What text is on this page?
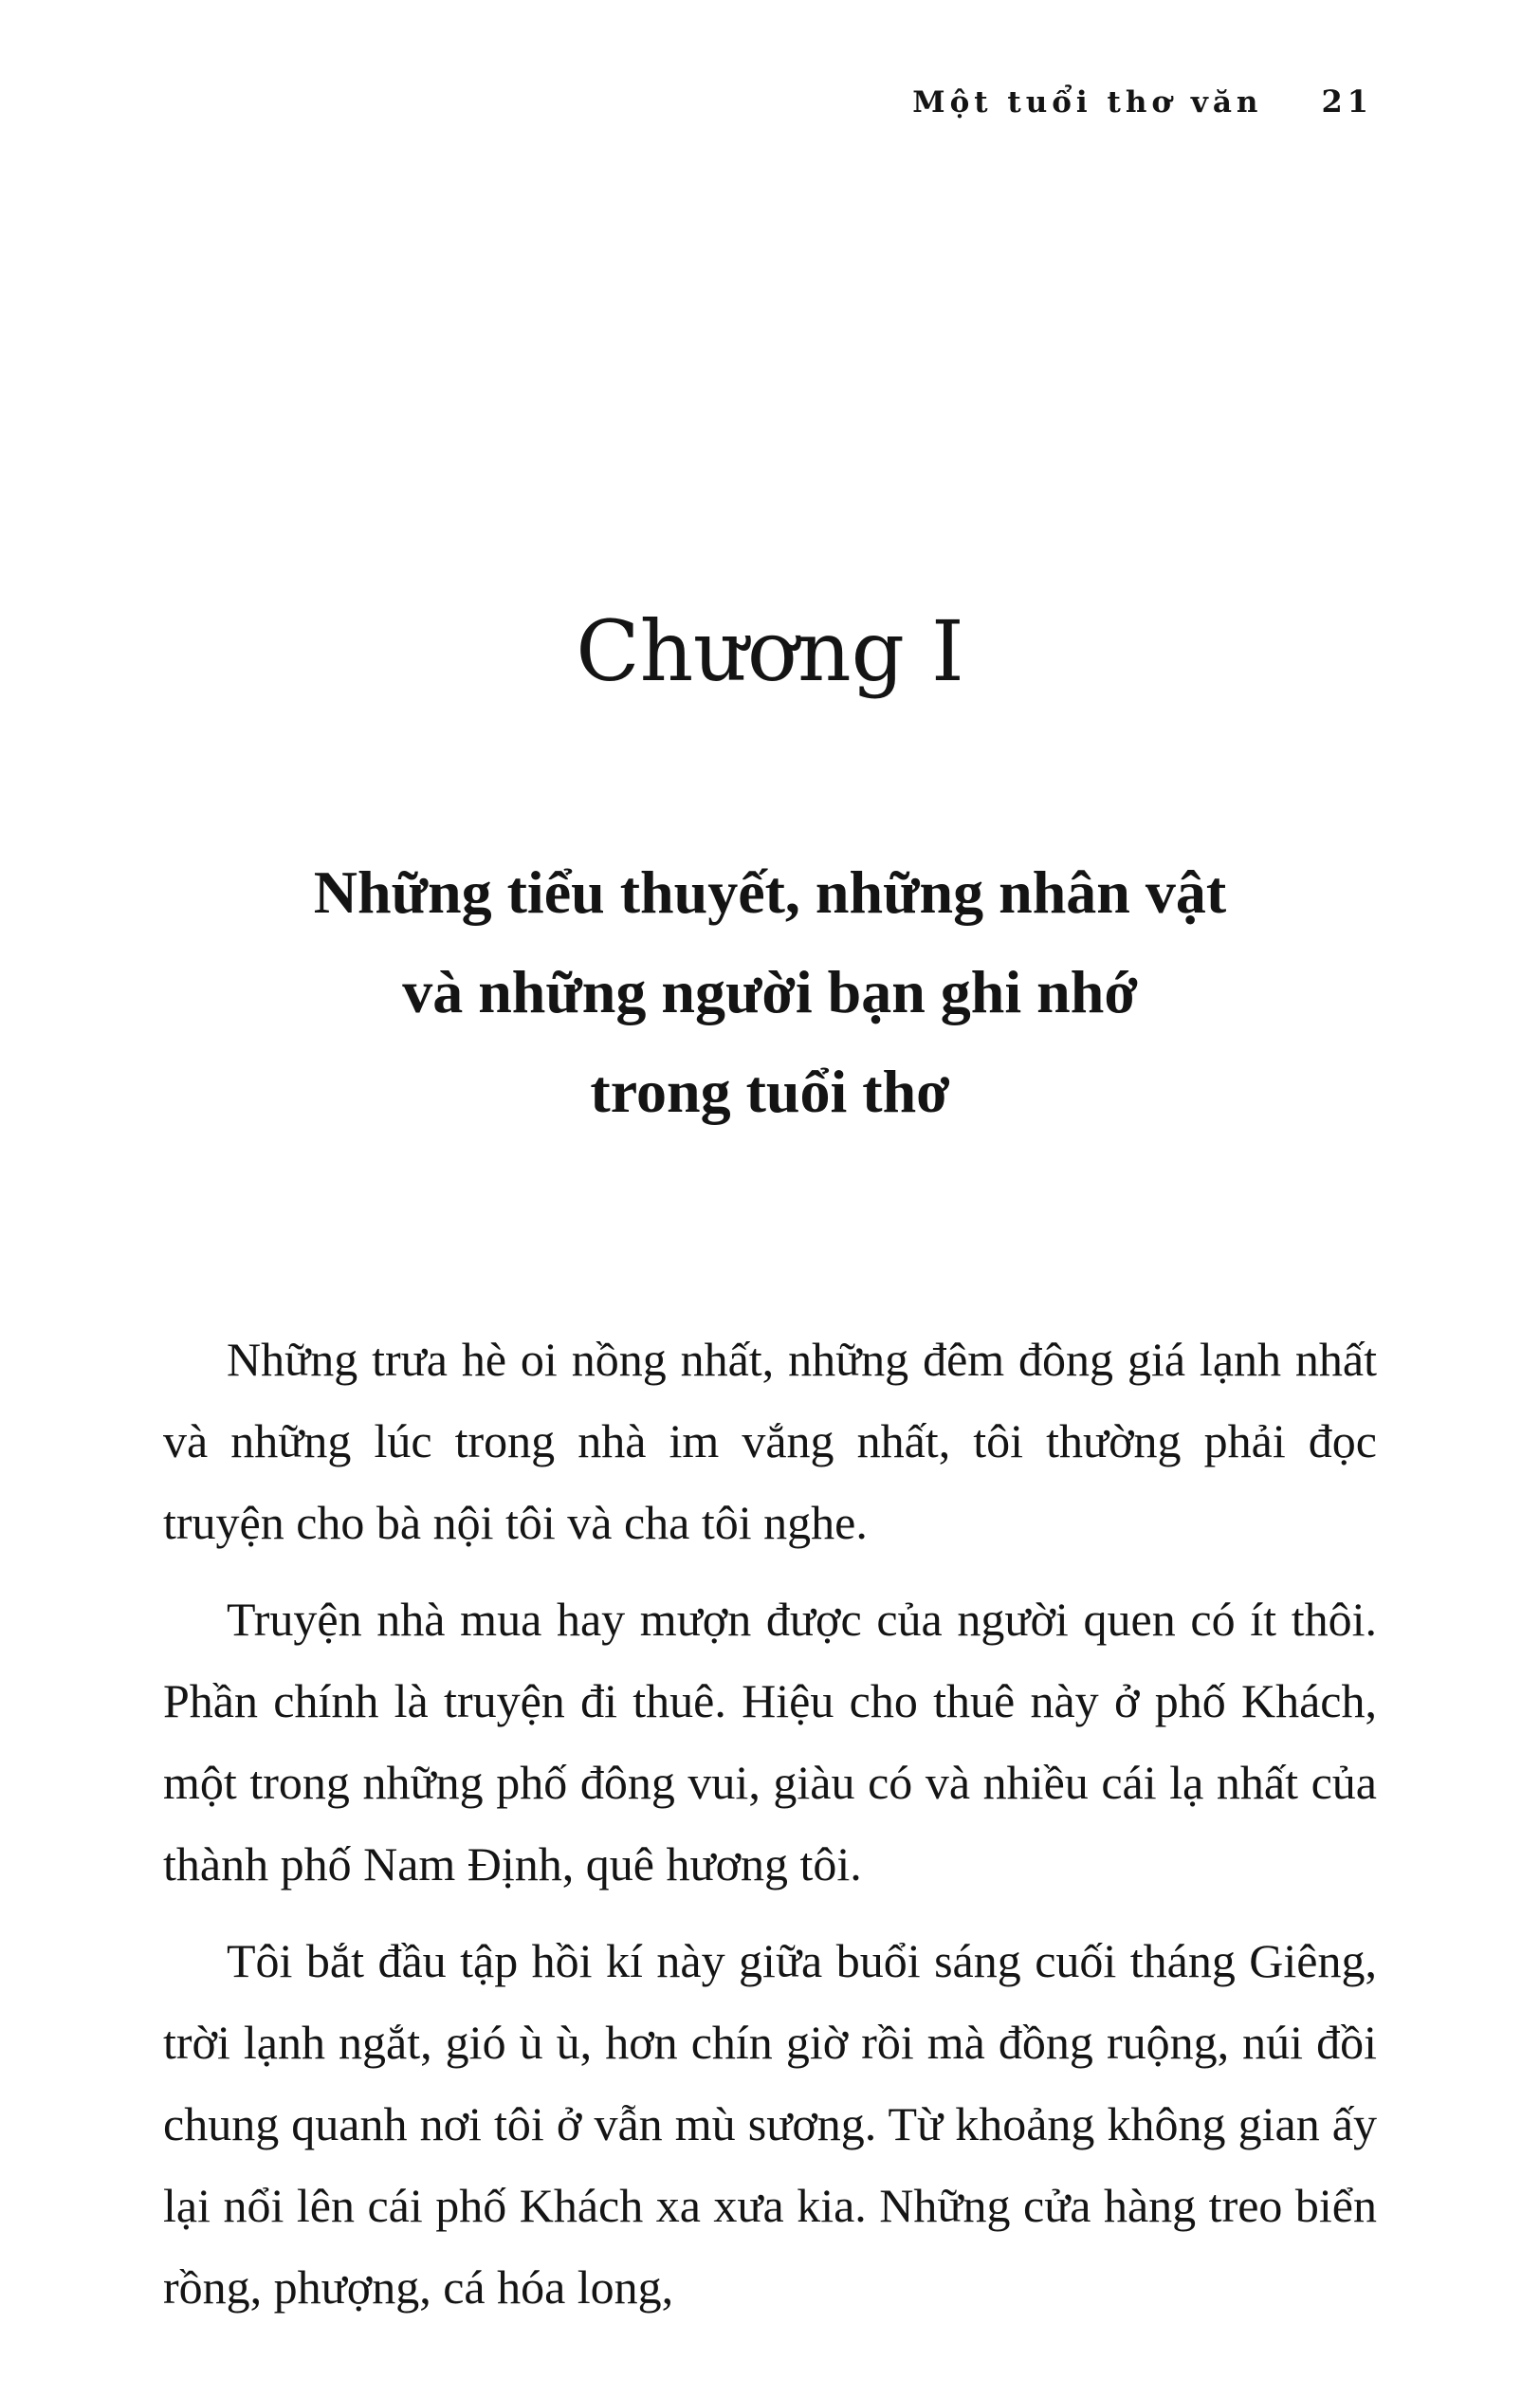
Một tuổi thơ văn 21
Chương I
Những tiểu thuyết, những nhân vật
và những người bạn ghi nhớ
trong tuổi thơ

Những trưa hè oi nồng nhất, những đêm đông giá lạnh nhất và những lúc trong nhà im vắng nhất, tôi thường phải đọc truyện cho bà nội tôi và cha tôi nghe.

Truyện nhà mua hay mượn được của người quen có ít thôi. Phần chính là truyện đi thuê. Hiệu cho thuê này ở phố Khách, một trong những phố đông vui, giàu có và nhiều cái lạ nhất của thành phố Nam Định, quê hương tôi.

Tôi bắt đầu tập hồi kí này giữa buổi sáng cuối tháng Giêng, trời lạnh ngắt, gió ù ù, hơn chín giờ rồi mà đồng ruộng, núi đồi chung quanh nơi tôi ở vẫn mù sương. Từ khoảng không gian ấy lại nổi lên cái phố Khách xa xưa kia. Những cửa hàng treo biển rồng, phượng, cá hóa long,
